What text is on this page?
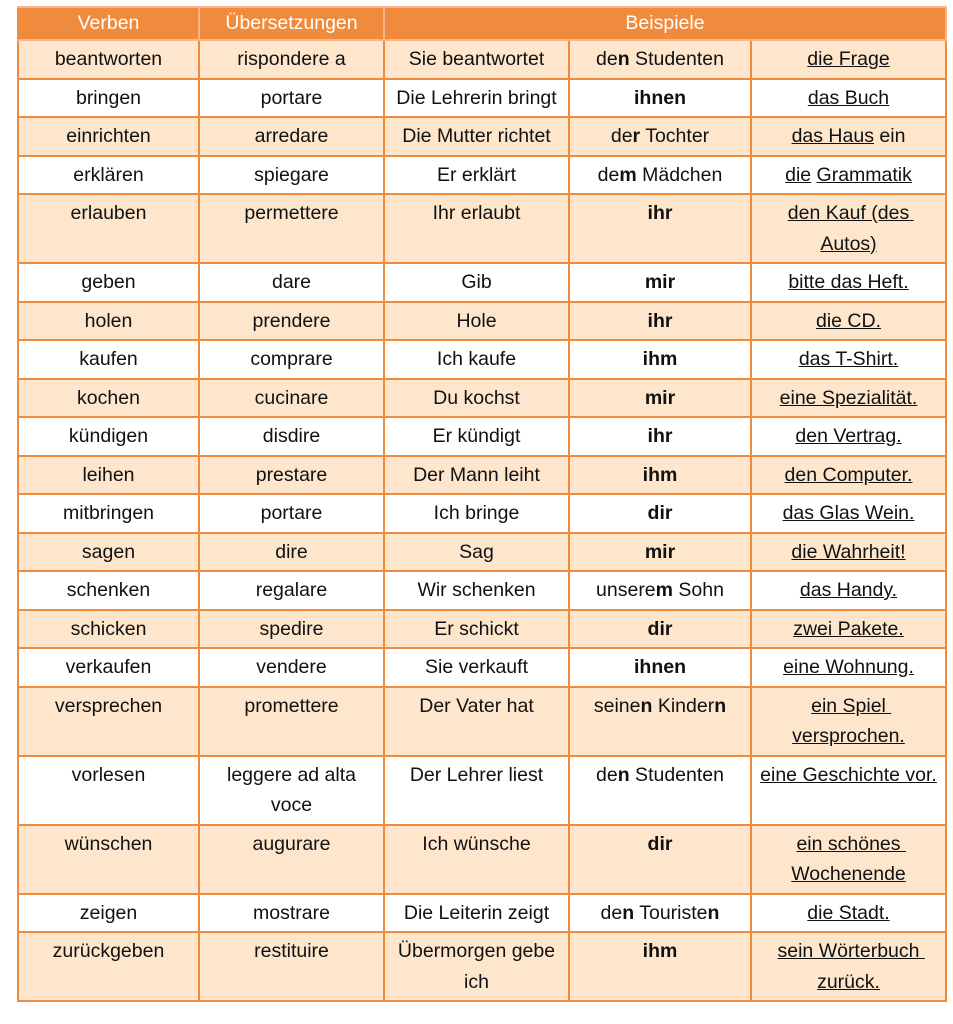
Verben	Übersetzungen	Beispiele		
beantworten	rispondere a	Sie beantwortet	den Studenten	die Frage
bringen	portare	Die Lehrerin bringt	ihnen	das Buch
einrichten	arredare	Die Mutter richtet	der Tochter	das Haus ein
erklären	spiegare	Er erklärt	dem Mädchen	die Grammatik
erlauben	permettere	Ihr erlaubt	ihr	den Kauf (des Autos)
geben	dare	Gib	mir	bitte das Heft.
holen	prendere	Hole	ihr	die CD.
kaufen	comprare	Ich kaufe	ihm	das T-Shirt.
kochen	cucinare	Du kochst	mir	eine Spezialität.
kündigen	disdire	Er kündigt	ihr	den Vertrag.
leihen	prestare	Der Mann leiht	ihm	den Computer.
mitbringen	portare	Ich bringe	dir	das Glas Wein.
sagen	dire	Sag	mir	die Wahrheit!
schenken	regalare	Wir schenken	unserem Sohn	das Handy.
schicken	spedire	Er schickt	dir	zwei Pakete.
verkaufen	vendere	Sie verkauft	ihnen	eine Wohnung.
versprechen	promettere	Der Vater hat	seinen Kindern	ein Spiel versprochen.
vorlesen	leggere ad alta voce	Der Lehrer liest	den Studenten	eine Geschichte vor.
wünschen	augurare	Ich wünsche	dir	ein schönes Wochenende
zeigen	mostrare	Die Leiterin zeigt	den Touristen	die Stadt.
zurückgeben	restituire	Übermorgen gebe ich	ihm	sein Wörterbuch zurück.
